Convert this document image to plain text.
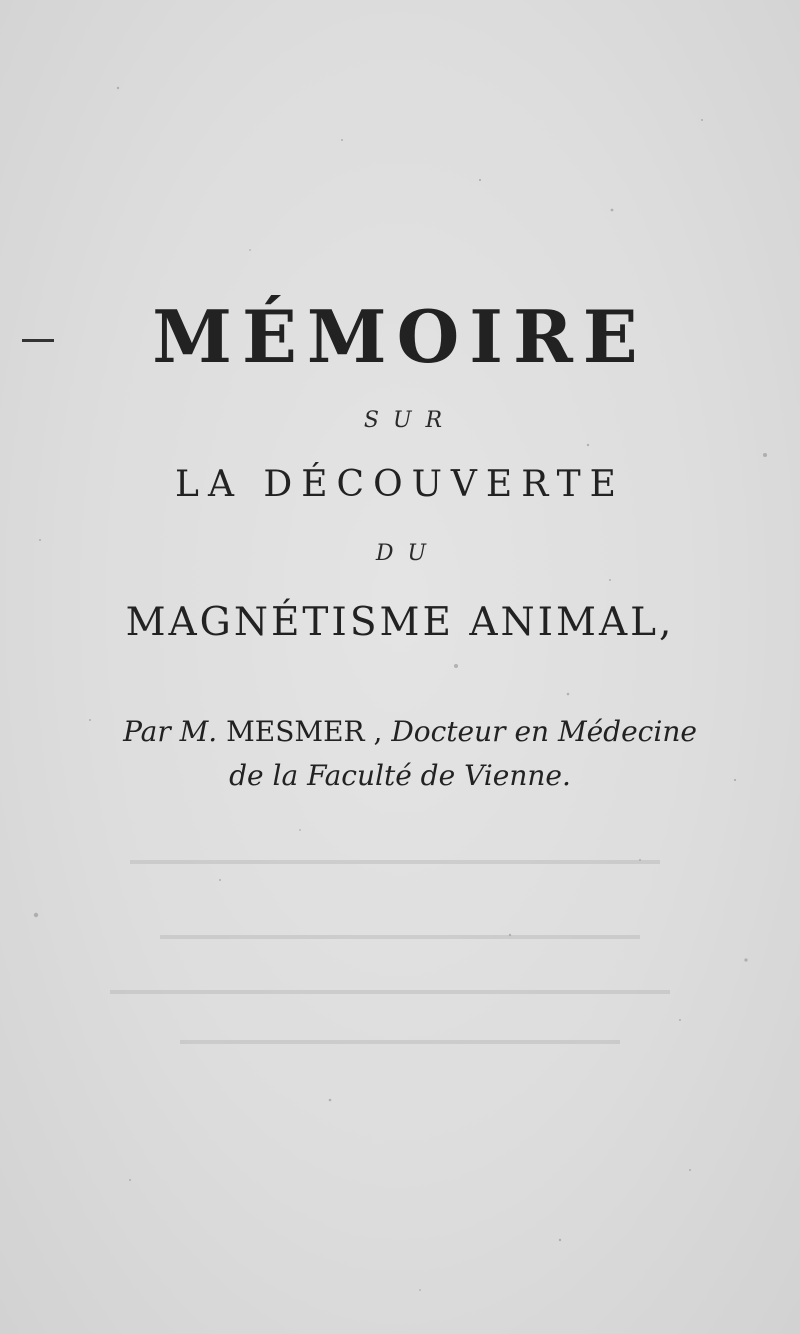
MÉMOIRE
SUR
LA DÉCOUVERTE
DU
MAGNÉTISME ANIMAL,
Par M. MESMER , Docteur en Médecine
de la Faculté de Vienne.
